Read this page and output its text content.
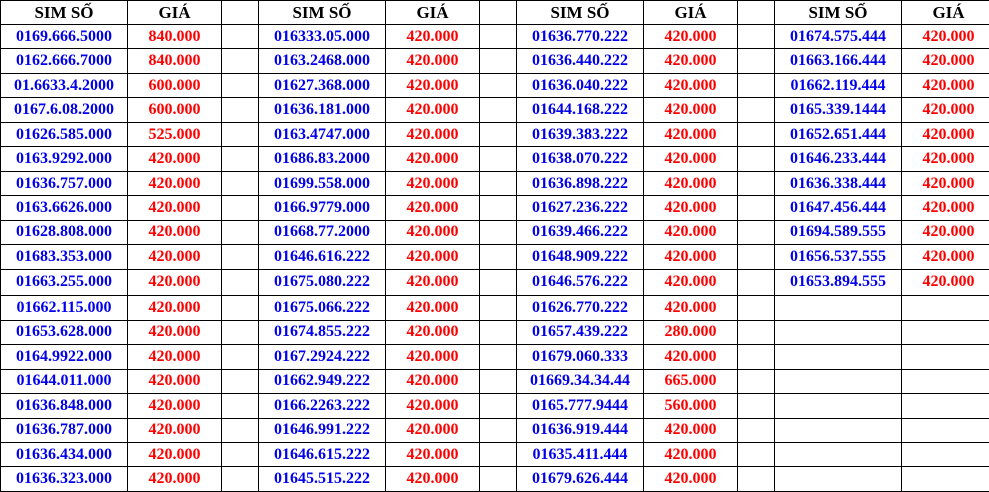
SIM SỐ	GIÁ		SIM SỐ	GIÁ		SIM SỐ	GIÁ		SIM SỐ	GIÁ
0169.666.5000	840.000		016333.05.000	420.000		01636.770.222	420.000		01674.575.444	420.000
0162.666.7000	840.000		0163.2468.000	420.000		01636.440.222	420.000		01663.166.444	420.000
01.6633.4.2000	600.000		01627.368.000	420.000		01636.040.222	420.000		01662.119.444	420.000
0167.6.08.2000	600.000		01636.181.000	420.000		01644.168.222	420.000		0165.339.1444	420.000
01626.585.000	525.000		0163.4747.000	420.000		01639.383.222	420.000		01652.651.444	420.000
0163.9292.000	420.000		01686.83.2000	420.000		01638.070.222	420.000		01646.233.444	420.000
01636.757.000	420.000		01699.558.000	420.000		01636.898.222	420.000		01636.338.444	420.000
0163.6626.000	420.000		0166.9779.000	420.000		01627.236.222	420.000		01647.456.444	420.000
01628.808.000	420.000		01668.77.2000	420.000		01639.466.222	420.000		01694.589.555	420.000
01683.353.000	420.000		01646.616.222	420.000		01648.909.222	420.000		01656.537.555	420.000
01663.255.000	420.000		01675.080.222	420.000		01646.576.222	420.000		01653.894.555	420.000
01662.115.000	420.000		01675.066.222	420.000		01626.770.222	420.000			
01653.628.000	420.000		01674.855.222	420.000		01657.439.222	280.000			
0164.9922.000	420.000		0167.2924.222	420.000		01679.060.333	420.000			
01644.011.000	420.000		01662.949.222	420.000		01669.34.34.44	665.000			
01636.848.000	420.000		0166.2263.222	420.000		0165.777.9444	560.000			
01636.787.000	420.000		01646.991.222	420.000		01636.919.444	420.000			
01636.434.000	420.000		01646.615.222	420.000		01635.411.444	420.000			
01636.323.000	420.000		01645.515.222	420.000		01679.626.444	420.000			
